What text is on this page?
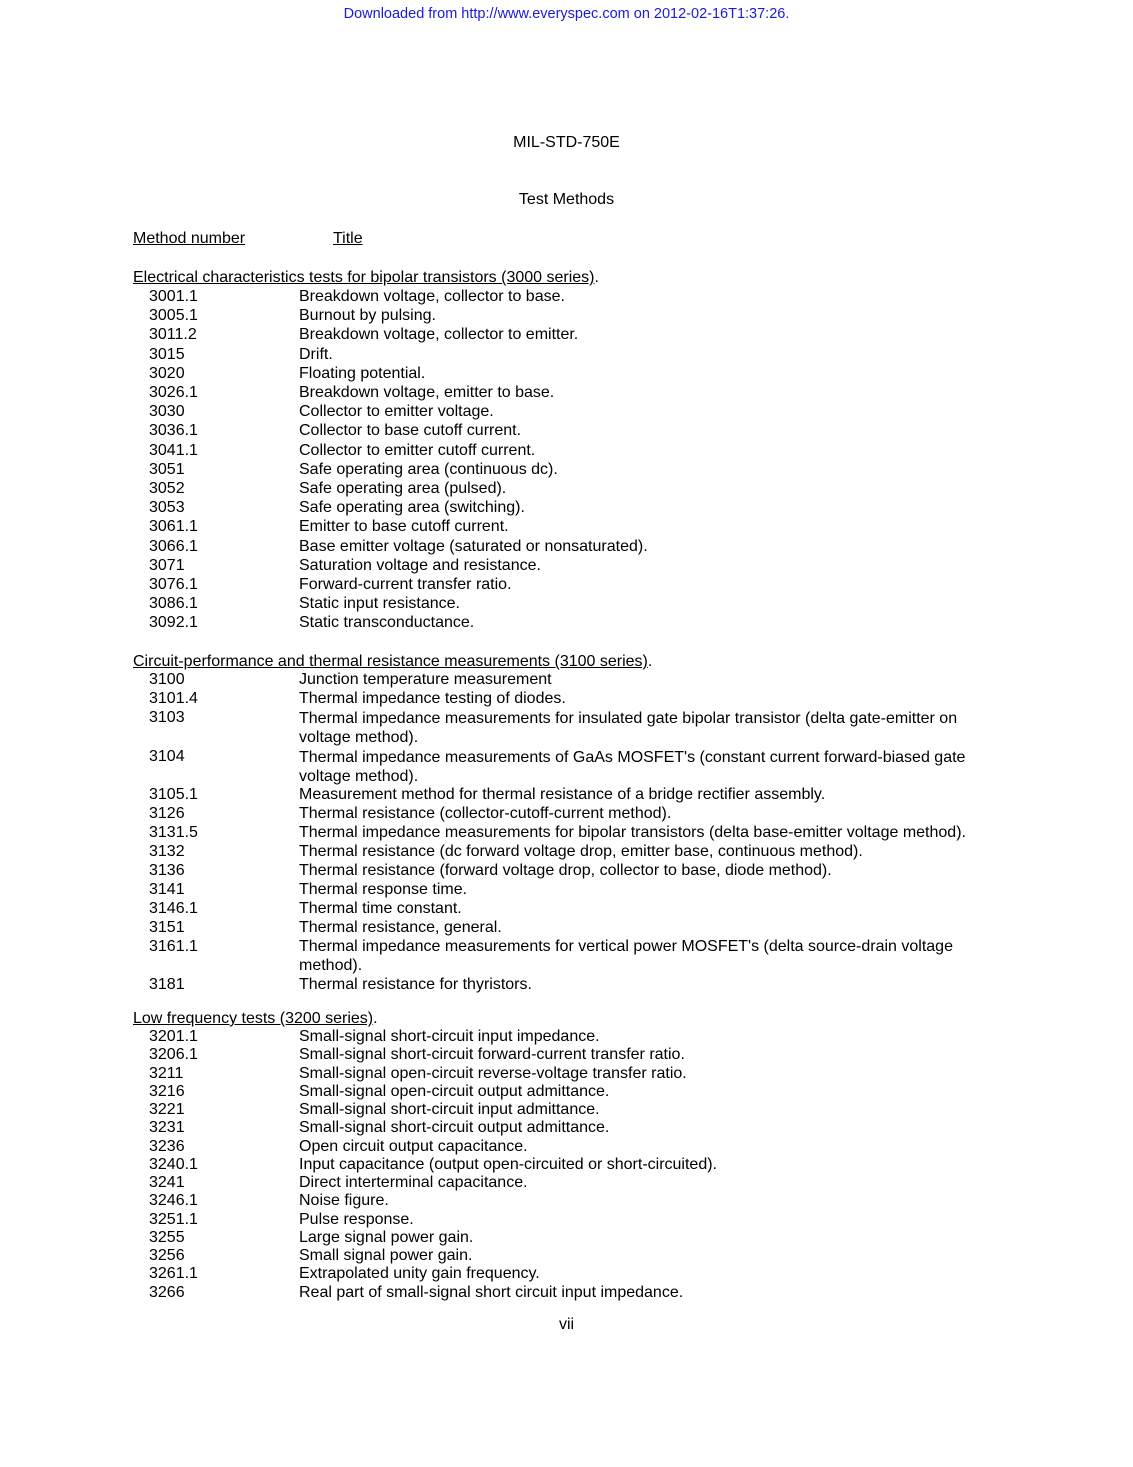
Downloaded from http://www.everyspec.com on 2012-02-16T1:37:26.
MIL-STD-750E
Test Methods
Method number	Title
Electrical characteristics tests for bipolar transistors (3000 series).
3001.1	Breakdown voltage, collector to base.
3005.1	Burnout by pulsing.
3011.2	Breakdown voltage, collector to emitter.
3015	Drift.
3020	Floating potential.
3026.1	Breakdown voltage, emitter to base.
3030	Collector to emitter voltage.
3036.1	Collector to base cutoff current.
3041.1	Collector to emitter cutoff current.
3051	Safe operating area (continuous dc).
3052	Safe operating area (pulsed).
3053	Safe operating area (switching).
3061.1	Emitter to base cutoff current.
3066.1	Base emitter voltage (saturated or nonsaturated).
3071	Saturation voltage and resistance.
3076.1	Forward-current transfer ratio.
3086.1	Static input resistance.
3092.1	Static transconductance.
Circuit-performance and thermal resistance measurements (3100 series).
3100	Junction temperature measurement
3101.4	Thermal impedance testing of diodes.
3103	Thermal impedance measurements for insulated gate bipolar transistor (delta gate-emitter on voltage method).
3104	Thermal impedance measurements of GaAs MOSFET's (constant current forward-biased gate voltage method).
3105.1	Measurement method for thermal resistance of a bridge rectifier assembly.
3126	Thermal resistance (collector-cutoff-current method).
3131.5	Thermal impedance measurements for bipolar transistors (delta base-emitter voltage method).
3132	Thermal resistance (dc forward voltage drop, emitter base, continuous method).
3136	Thermal resistance (forward voltage drop, collector to base, diode method).
3141	Thermal response time.
3146.1	Thermal time constant.
3151	Thermal resistance, general.
3161.1	Thermal impedance measurements for vertical power MOSFET's (delta source-drain voltage method).
3181	Thermal resistance for thyristors.
Low frequency tests (3200 series).
3201.1	Small-signal short-circuit input impedance.
3206.1	Small-signal short-circuit forward-current transfer ratio.
3211	Small-signal open-circuit reverse-voltage transfer ratio.
3216	Small-signal open-circuit output admittance.
3221	Small-signal short-circuit input admittance.
3231	Small-signal short-circuit output admittance.
3236	Open circuit output capacitance.
3240.1	Input capacitance (output open-circuited or short-circuited).
3241	Direct interterminal capacitance.
3246.1	Noise figure.
3251.1	Pulse response.
3255	Large signal power gain.
3256	Small signal power gain.
3261.1	Extrapolated unity gain frequency.
3266	Real part of small-signal short circuit input impedance.
vii
